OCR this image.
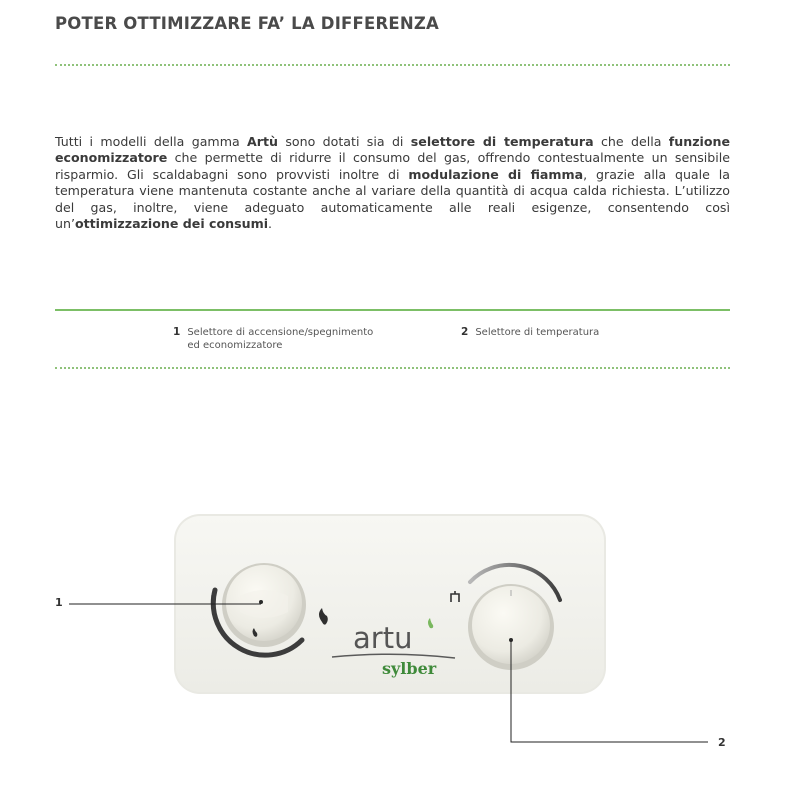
POTER OTTIMIZZARE FA’ LA DIFFERENZA

Tutti i modelli della gamma Artù sono dotati sia di selettore di temperatura che della funzione economizzatore che permette di ridurre il consumo del gas, offrendo contestualmente un sensibile risparmio. Gli scaldabagni sono provvisti inoltre di modulazione di fiamma, grazie alla quale la temperatura viene mantenuta costante anche al variare della quantità di acqua calda richiesta. L’utilizzo del gas, inoltre, viene adeguato automaticamente alle reali esigenze, consentendo così un’ottimizzazione dei consumi.

1 Selettore di accensione/spegnimento
ed economizzatore
2 Selettore di temperatura
|
artu
sylber
1
2
